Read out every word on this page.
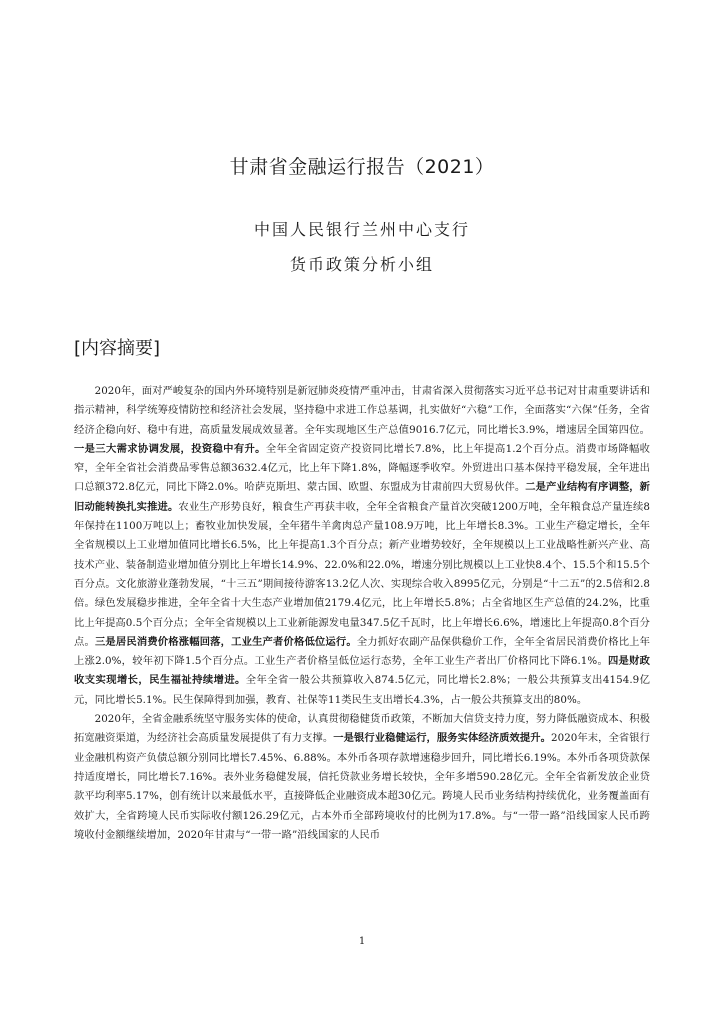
甘肃省金融运行报告（2021）
中国人民银行兰州中心支行
货币政策分析小组
[内容摘要]

2020年，面对严峻复杂的国内外环境特别是新冠肺炎疫情严重冲击，甘肃省深入贯彻落实习近平总书记对甘肃重要讲话和指示精神，科学统筹疫情防控和经济社会发展，坚持稳中求进工作总基调，扎实做好“六稳”工作，全面落实“六保”任务，全省经济企稳向好、稳中有进，高质量发展成效显著。全年实现地区生产总值9016.7亿元，同比增长3.9%，增速居全国第四位。一是三大需求协调发展，投资稳中有升。全年全省固定资产投资同比增长7.8%，比上年提高1.2个百分点。消费市场降幅收窄，全年全省社会消费品零售总额3632.4亿元，比上年下降1.8%，降幅逐季收窄。外贸进出口基本保持平稳发展，全年进出口总额372.8亿元，同比下降2.0%。哈萨克斯坦、蒙古国、欧盟、东盟成为甘肃前四大贸易伙伴。二是产业结构有序调整，新旧动能转换扎实推进。农业生产形势良好，粮食生产再获丰收，全年全省粮食产量首次突破1200万吨，全年粮食总产量连续8年保持在1100万吨以上；畜牧业加快发展，全年猪牛羊禽肉总产量108.9万吨，比上年增长8.3%。工业生产稳定增长，全年全省规模以上工业增加值同比增长6.5%，比上年提高1.3个百分点；新产业增势较好，全年规模以上工业战略性新兴产业、高技术产业、装备制造业增加值分别比上年增长14.9%、22.0%和22.0%，增速分别比规模以上工业快8.4个、15.5个和15.5个百分点。文化旅游业蓬勃发展，“十三五”期间接待游客13.2亿人次、实现综合收入8995亿元，分别是“十二五”的2.5倍和2.8倍。绿色发展稳步推进，全年全省十大生态产业增加值2179.4亿元，比上年增长5.8%；占全省地区生产总值的24.2%，比重比上年提高0.5个百分点；全年全省规模以上工业新能源发电量347.5亿千瓦时，比上年增长6.6%，增速比上年提高0.8个百分点。三是居民消费价格涨幅回落，工业生产者价格低位运行。全力抓好农副产品保供稳价工作，全年全省居民消费价格比上年上涨2.0%，较年初下降1.5个百分点。工业生产者价格呈低位运行态势，全年工业生产者出厂价格同比下降6.1%。四是财政收支实现增长，民生福祉持续增进。全年全省一般公共预算收入874.5亿元，同比增长2.8%；一般公共预算支出4154.9亿元，同比增长5.1%。民生保障得到加强，教育、社保等11类民生支出增长4.3%，占一般公共预算支出的80%。

2020年，全省金融系统坚守服务实体的使命，认真贯彻稳健货币政策，不断加大信贷支持力度，努力降低融资成本、积极拓宽融资渠道，为经济社会高质量发展提供了有力支撑。一是银行业稳健运行，服务实体经济质效提升。2020年末，全省银行业金融机构资产负债总额分别同比增长7.45%、6.88%。本外币各项存款增速稳步回升，同比增长6.19%。本外币各项贷款保持适度增长，同比增长7.16%。表外业务稳健发展，信托贷款业务增长较快，全年多增590.28亿元。全年全省新发放企业贷款平均利率5.17%，创有统计以来最低水平，直接降低企业融资成本超30亿元。跨境人民币业务结构持续优化，业务覆盖面有效扩大，全省跨境人民币实际收付额126.29亿元，占本外币全部跨境收付的比例为17.8%。与“一带一路”沿线国家人民币跨境收付金额继续增加，2020年甘肃与“一带一路”沿线国家的人民币

1
